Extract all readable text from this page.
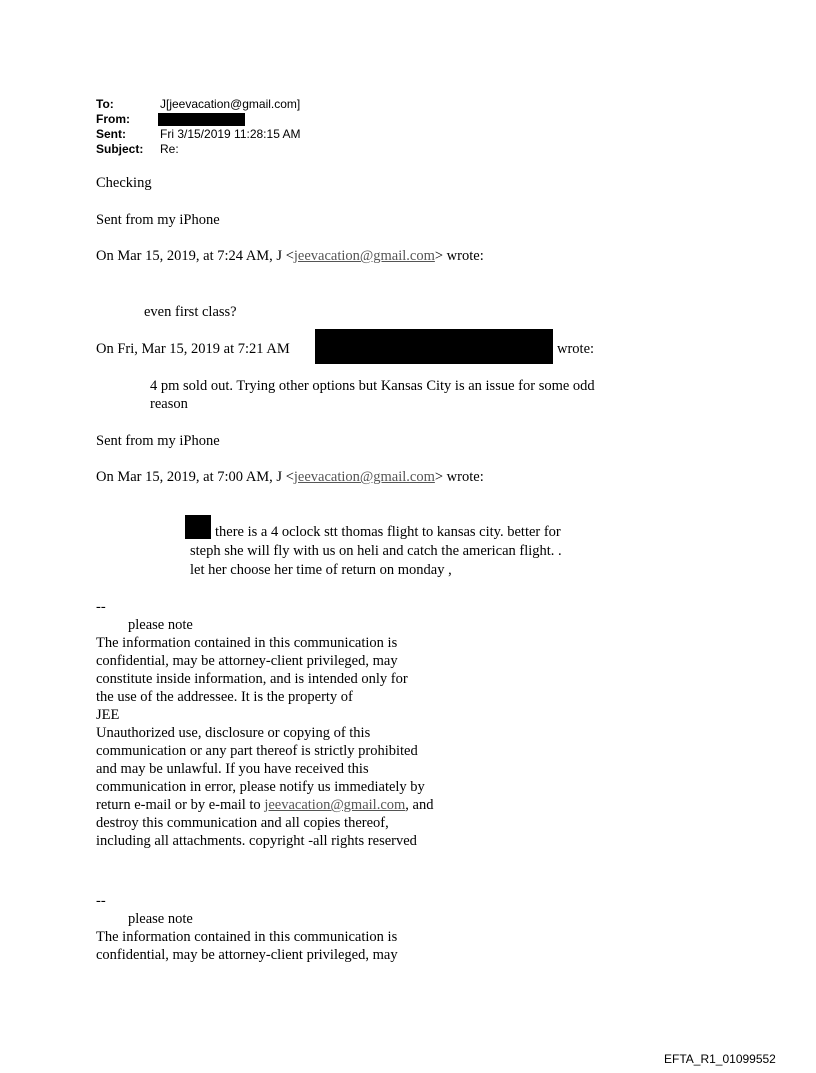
To:	J[jeevacation@gmail.com]
From:
Sent:	Fri 3/15/2019 11:28:15 AM
Subject: Re:
Checking
Sent from my iPhone
On Mar 15, 2019, at 7:24 AM, J <jeevacation@gmail.com> wrote:
even first class?
On Fri, Mar 15, 2019 at 7:21 AM	wrote:
4 pm sold out. Trying other options but Kansas City is an issue for some odd
reason
Sent from my iPhone
On Mar 15, 2019, at 7:00 AM, J <jeevacation@gmail.com> wrote:
there is a 4 oclock stt thomas flight to kansas city. better for
steph she will fly with us on heli and catch the american flight. .
let her choose her time of return on monday ,
--
please note
The information contained in this communication is
confidential, may be attorney-client privileged, may
constitute inside information, and is intended only for
the use of the addressee. It is the property of
JEE
Unauthorized use, disclosure or copying of this
communication or any part thereof is strictly prohibited
and may be unlawful. If you have received this
communication in error, please notify us immediately by
return e-mail or by e-mail to jeevacation@gmail.com, and
destroy this communication and all copies thereof,
including all attachments. copyright -all rights reserved
--
please note
The information contained in this communication is
confidential, may be attorney-client privileged, may
EFTA_R1_01099552
